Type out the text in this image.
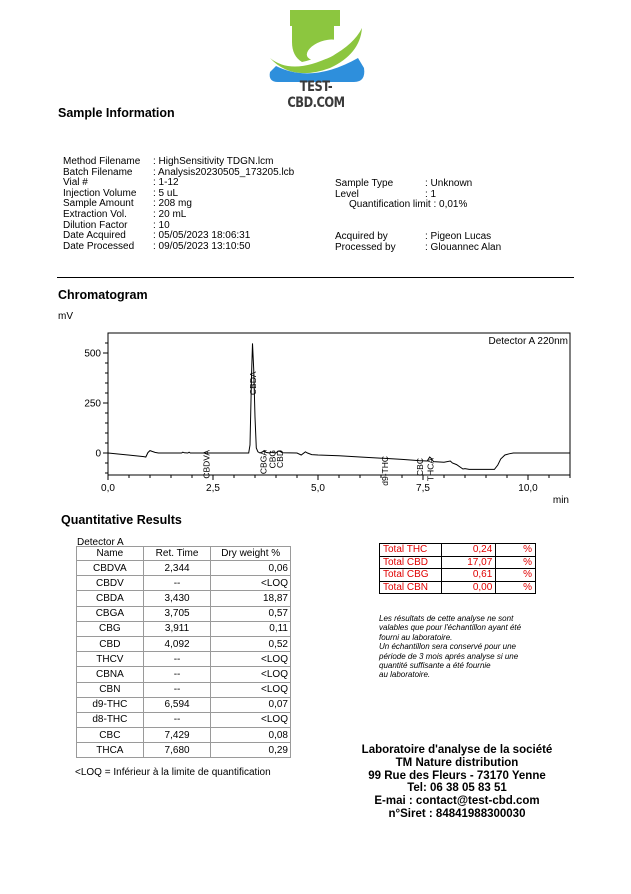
TEST-CBD.COM
Sample Information
Method Filename : HighSensitivity TDGN.lcm
Batch Filename : Analysis20230505_173205.lcb
Vial #	: 1-12
Injection Volume : 5 uL
Sample Amount : 208 mg
Extraction Vol.	: 20 mL
Dilution Factor	: 10
Date Acquired	: 05/05/2023 18:06:31
Date Processed : 09/05/2023 13:10:50
Sample Type	: Unknown
Level	: 1
Quantification limit : 0,01%
Acquired by	: Pigeon Lucas
Processed by	: Glouannec Alan
Chromatogram
mV
Detector A 220nm
0
250
500
0,0	2,5	5,0	7,5	10,0
CBDVA
CBDA
CBGA
CBG
CBD	d9-THC	CBC THCA
min
Quantitative Results
Detector A
Name	Ret. Time	Dry weight %
CBDVA	2,344	0,06
CBDV	--	<LOQ
CBDA	3,430	18,87
CBGA	3,705	0,57
CBG	3,911	0,11
CBD	4,092	0,52
THCV	--	<LOQ
CBNA	--	<LOQ
CBN	--	<LOQ
d9-THC	6,594	0,07
d8-THC	--	<LOQ
CBC	7,429	0,08
THCA	7,680	0,29
<LOQ = Inférieur à la limite de quantification
Total THC	0,24	%
Total CBD	17,07	%
Total CBG	0,61	%
Total CBN	0,00	%
Les résultats de cette analyse ne sont
valables que pour l'échantillon ayant été
fourni au laboratoire.
Un échantillon sera conservé pour une
période de 3 mois aprés analyse si une
quantité suffisante a été fournie
au laboratoire.
Laboratoire d'analyse de la société
TM Nature distribution
99 Rue des Fleurs - 73170 Yenne
Tel: 06 38 05 83 51
E-mai : contact@test-cbd.com
n°Siret : 84841988300030
